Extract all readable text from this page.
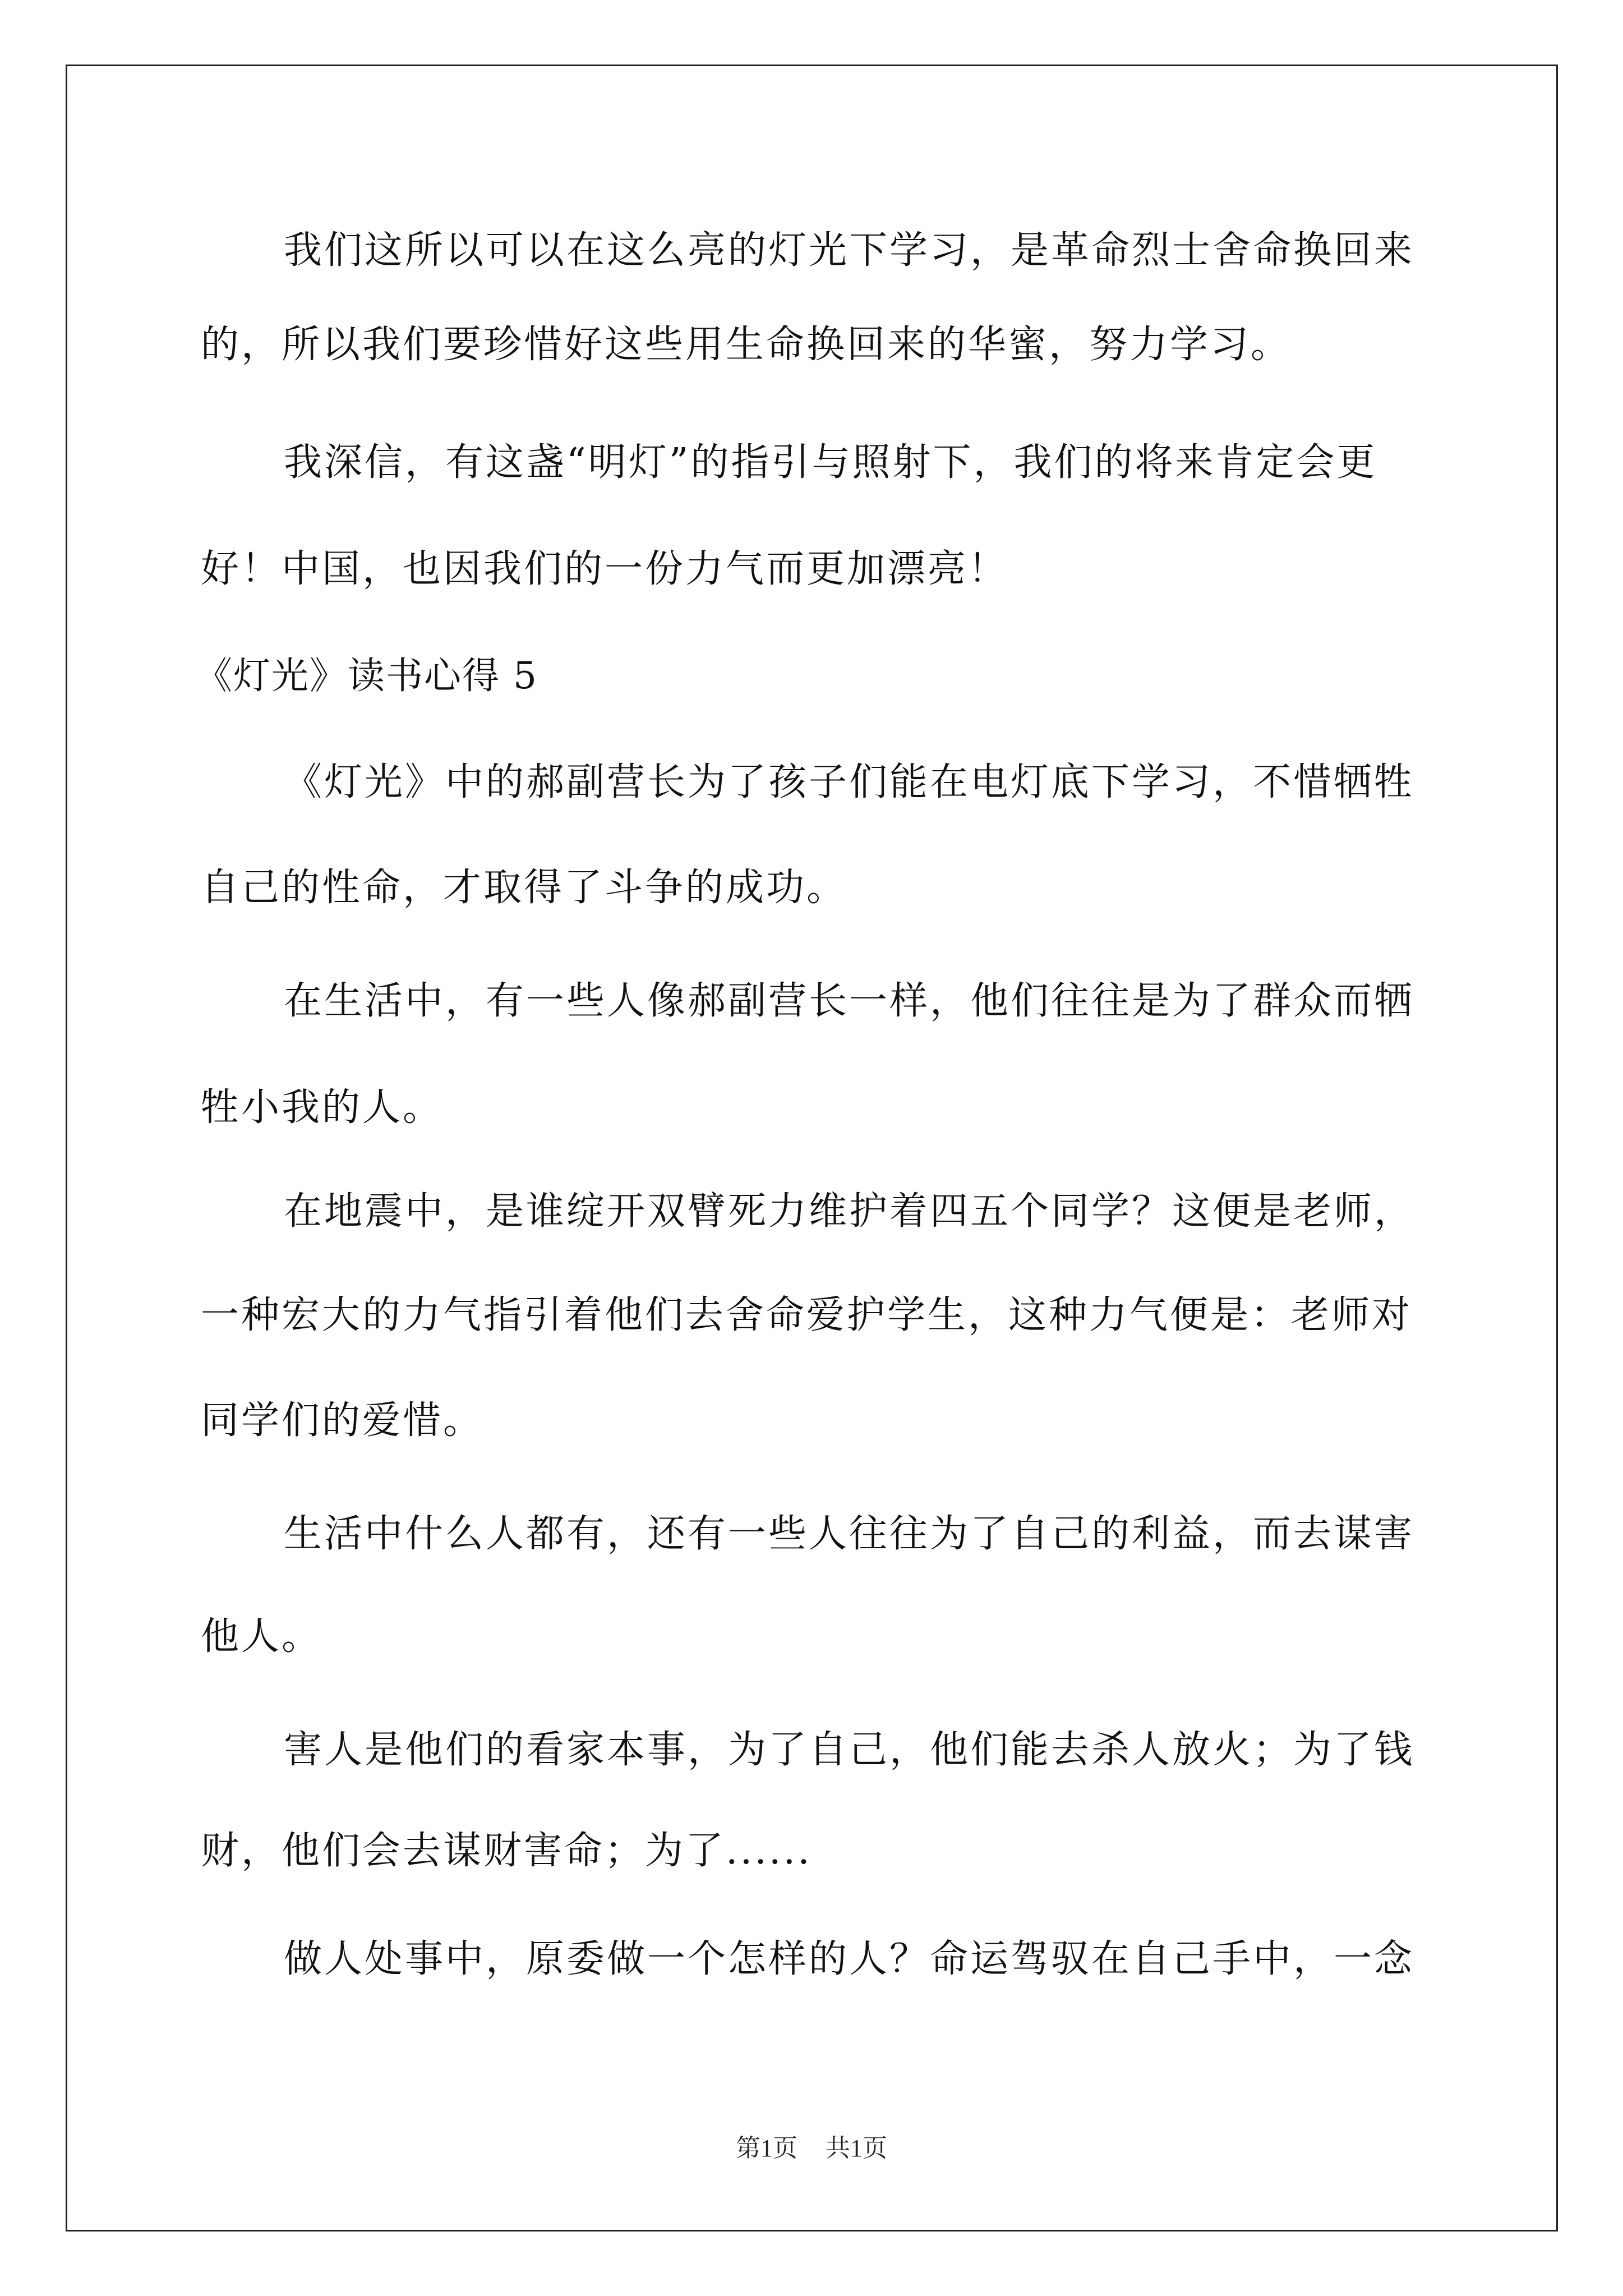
我们这所以可以在这么亮的灯光下学习，是革命烈士舍命换回来
的，所以我们要珍惜好这些用生命换回来的华蜜，努力学习。
我深信，有这盏“明灯”的指引与照射下，我们的将来肯定会更
好！中国，也因我们的一份力气而更加漂亮！
《灯光》读书心得 5
《灯光》中的郝副营长为了孩子们能在电灯底下学习，不惜牺牲
自己的性命，才取得了斗争的成功。
在生活中，有一些人像郝副营长一样，他们往往是为了群众而牺
牲小我的人。
在地震中，是谁绽开双臂死力维护着四五个同学？这便是老师，
一种宏大的力气指引着他们去舍命爱护学生，这种力气便是：老师对
同学们的爱惜。
生活中什么人都有，还有一些人往往为了自己的利益，而去谋害
他人。
害人是他们的看家本事，为了自己，他们能去杀人放火；为了钱
财，他们会去谋财害命；为了......
做人处事中，原委做一个怎样的人？命运驾驭在自己手中，一念
第1页 共1页
